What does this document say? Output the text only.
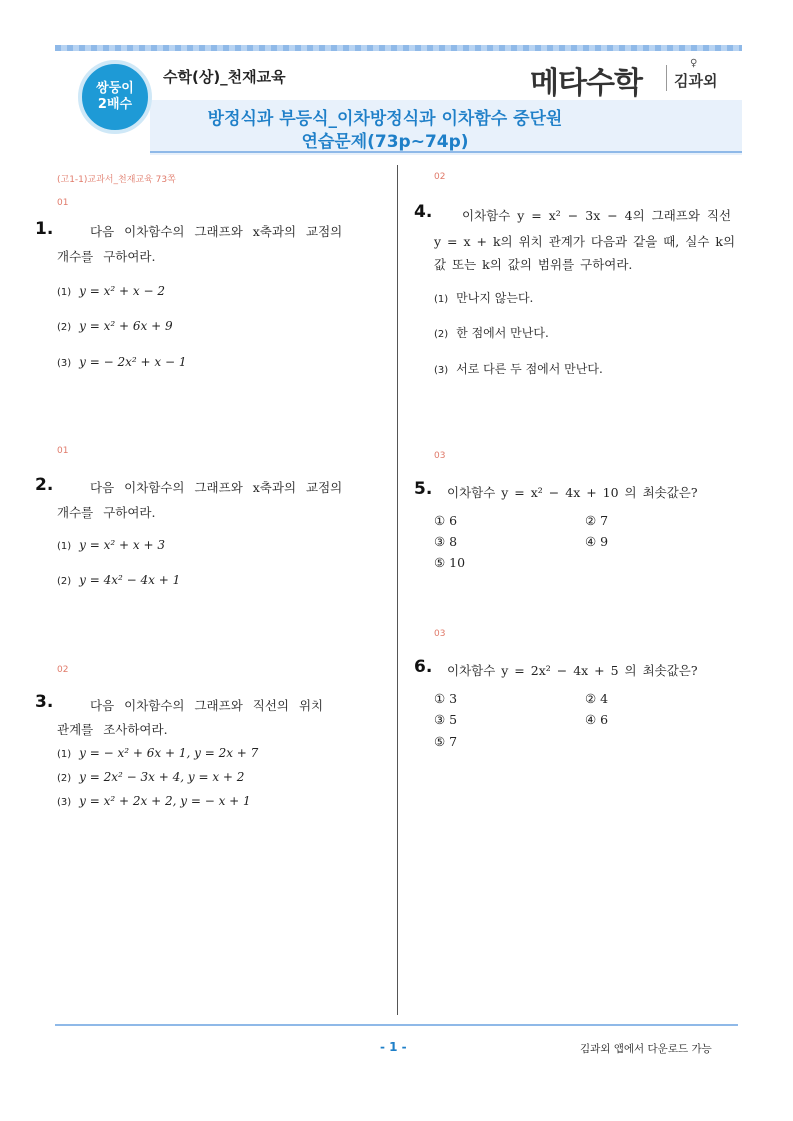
쌍둥이
2배수
수학(상)_천재교육
방정식과 부등식_이차방정식과 이차함수 중단원
연습문제(73p~74p)
메타수학
♀
김과외
(고1-1)교과서_천재교육 73쪽
01
1.	다음 이차함수의 그래프와 x축과의 교점의
개수를 구하여라.
(1) y = x² + x − 2
(2) y = x² + 6x + 9
(3) y = − 2x² + x − 1
01
2.	다음 이차함수의 그래프와 x축과의 교점의
개수를 구하여라.
(1) y = x² + x + 3
(2) y = 4x² − 4x + 1
02
3.	다음 이차함수의 그래프와 직선의 위치
관계를 조사하여라.
(1) y = − x² + 6x + 1, y = 2x + 7
(2) y = 2x² − 3x + 4, y = x + 2
(3) y = x² + 2x + 2, y = − x + 1
02
4. 이차함수 y = x² − 3x − 4의 그래프와 직선
y = x + k의 위치 관계가 다음과 같을 때, 실수 k의
값 또는 k의 값의 범위를 구하여라.
(1) 만나지 않는다.
(2) 한 점에서 만난다.
(3) 서로 다른 두 점에서 만난다.
03
5. 이차함수 y = x² − 4x + 10 의 최솟값은?
① 6	② 7
③ 8	④ 9
⑤ 10
03
6. 이차함수 y = 2x² − 4x + 5 의 최솟값은?
① 3	② 4
③ 5	④ 6
⑤ 7
- 1 -	김과외 앱에서 다운로드 가능
